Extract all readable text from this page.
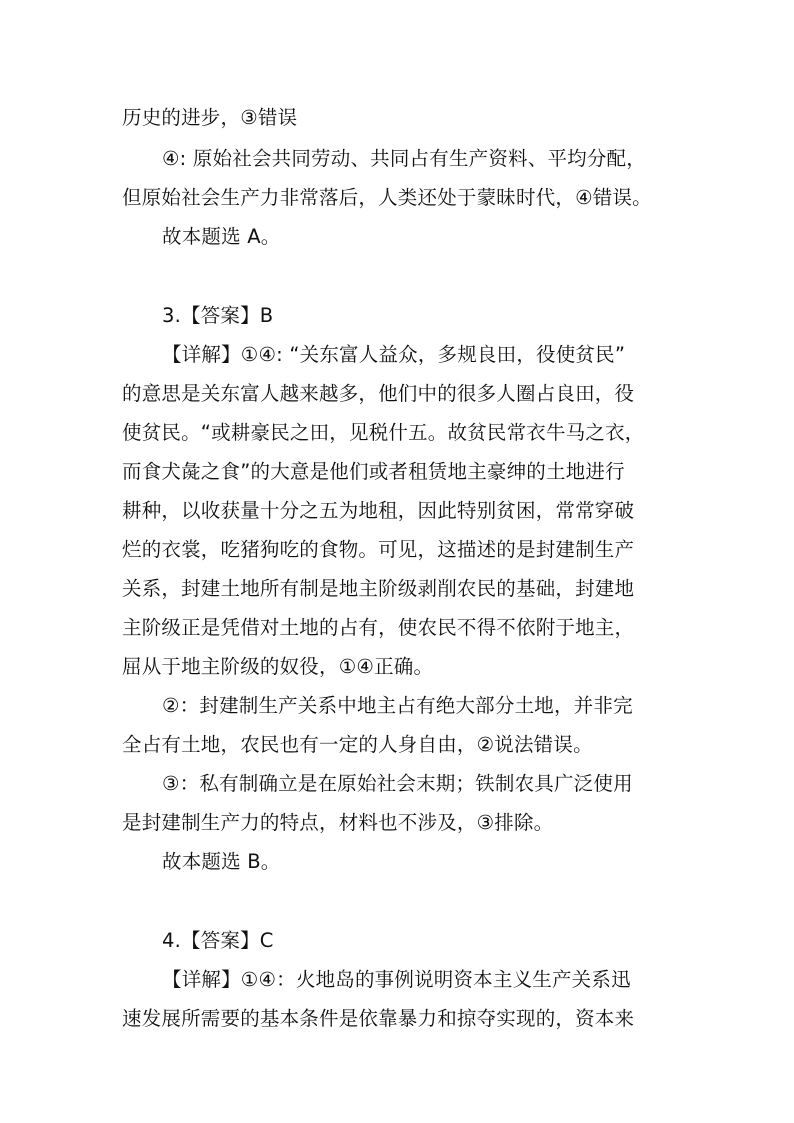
历史的进步，③错误
④: 原始社会共同劳动、共同占有生产资料、平均分配，
但原始社会生产力非常落后，人类还处于蒙昧时代，④错误。
故本题选 A。
3.【答案】B
【详解】①④: “关东富人益众，多规良田，役使贫民”
的意思是关东富人越来越多，他们中的很多人圈占良田，役
使贫民。“或耕豪民之田，见税什五。故贫民常衣牛马之衣，
而食犬彘之食”的大意是他们或者租赁地主豪绅的土地进行
耕种，以收获量十分之五为地租，因此特别贫困，常常穿破
烂的衣裳，吃猪狗吃的食物。可见，这描述的是封建制生产
关系，封建土地所有制是地主阶级剥削农民的基础，封建地
主阶级正是凭借对土地的占有，使农民不得不依附于地主，
屈从于地主阶级的奴役，①④正确。
②：封建制生产关系中地主占有绝大部分土地，并非完
全占有土地，农民也有一定的人身自由，②说法错误。
③：私有制确立是在原始社会末期；铁制农具广泛使用
是封建制生产力的特点，材料也不涉及，③排除。
故本题选 B。
4.【答案】C
【详解】①④：火地岛的事例说明资本主义生产关系迅
速发展所需要的基本条件是依靠暴力和掠夺实现的，资本来
